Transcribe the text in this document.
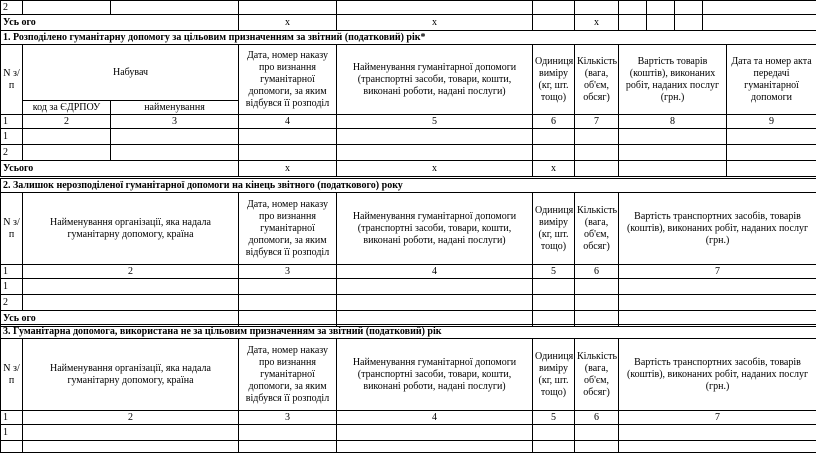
2										
Усь ого			x	x		x				
1. Розподілено гуманітарну допомогу за цільовим призначенням за звітний (податковий) рік*								
N з/п	Набувач		Дата, номер наказу про визнання гуманітарної допомоги, за яким відбувся її розподіл	Найменування гуманітарної допомоги (транспортні засоби, товари, кошти, виконані роботи, надані послуги)	Одиниця виміру (кг, шт. тощо)	Кількість (вага, об'єм, обсяг)	Вартість товарів (коштів), виконаних робіт, наданих послуг (грн.)	Дата та номер акта передачі гуманітарної допомоги
	код за ЄДРПОУ	найменування						
1	2	3	4	5	6	7	8	9
1								
2								
Усього			x	x	x			
2. Залишок нерозподіленої гуманітарної допомоги на кінець звітного (податкового) року						
N з/п	Найменування організації, яка надала гуманітарну допомогу, країна	Дата, номер наказу про визнання гуманітарної допомоги, за яким відбувся її розподіл	Найменування гуманітарної допомоги (транспортні засоби, товари, кошти, виконані роботи, надані послуги)	Одиниця виміру (кг, шт. тощо)	Кількість (вага, об'єм, обсяг)	Вартість транспортних засобів, товарів (коштів), виконаних робіт, наданих послуг (грн.)
1	2	3	4	5	6	7
1						
2						
Усь ого						
3. Гуманітарна допомога, використана не за цільовим призначенням за звітний (податковий) рік						
N з/п	Найменування організації, яка надала гуманітарну допомогу, країна	Дата, номер наказу про визнання гуманітарної допомоги, за яким відбувся її розподіл	Найменування гуманітарної допомоги (транспортні засоби, товари, кошти, виконані роботи, надані послуги)	Одиниця виміру (кг, шт. тощо)	Кількість (вага, об'єм, обсяг)	Вартість транспортних засобів, товарів (коштів), виконаних робіт, наданих послуг (грн.)
1	2	3	4	5	6	7
1						
